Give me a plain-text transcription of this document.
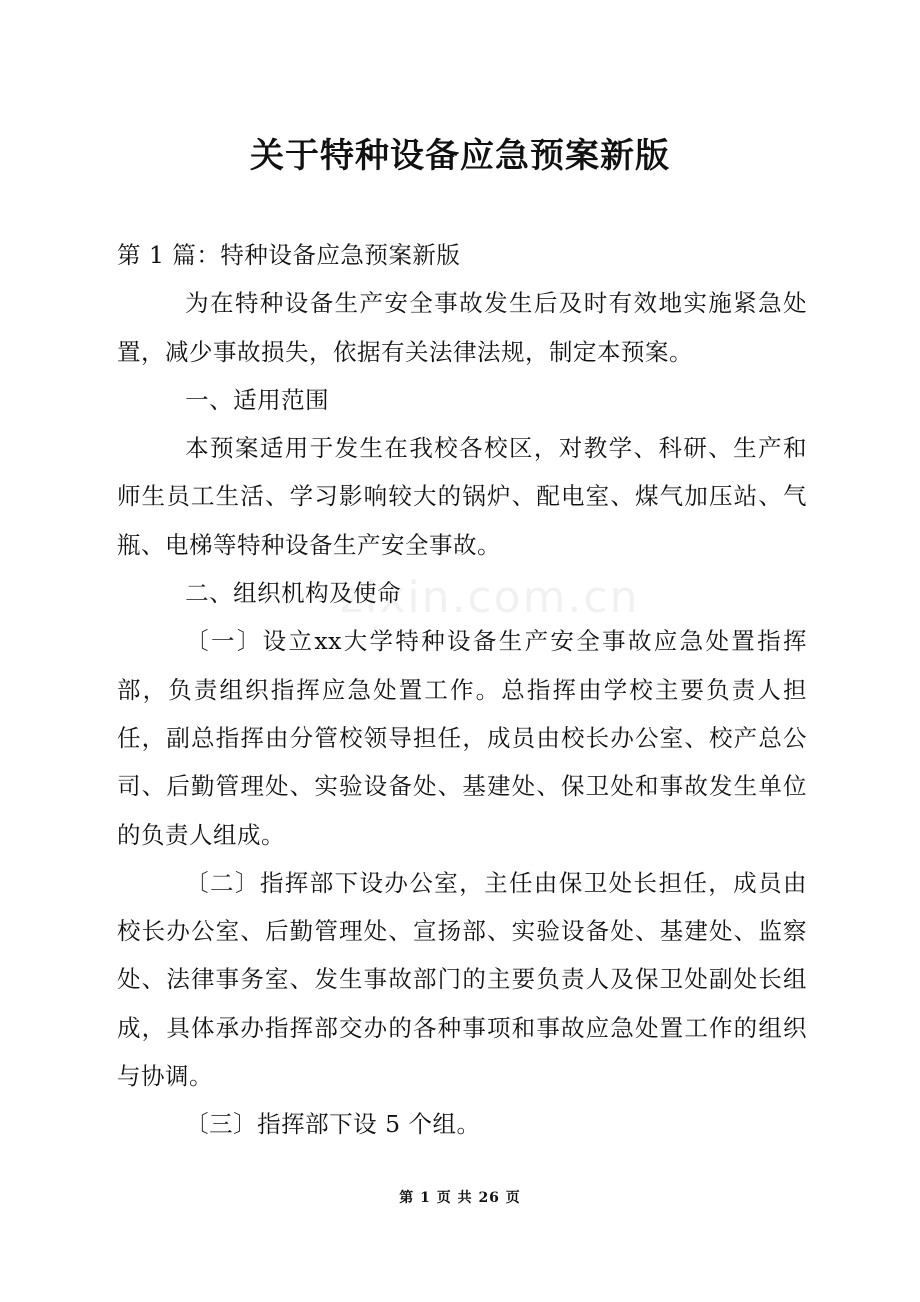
关于特种设备应急预案新版
zixin.com.cn

第 1 篇：特种设备应急预案新版

为在特种设备生产安全事故发生后及时有效地实施紧急处置，减少事故损失，依据有关法律法规，制定本预案。

一、适用范围

本预案适用于发生在我校各校区，对教学、科研、生产和师生员工生活、学习影响较大的锅炉、配电室、煤气加压站、气瓶、电梯等特种设备生产安全事故。

二、组织机构及使命

〔一〕设立xx大学特种设备生产安全事故应急处置指挥部，负责组织指挥应急处置工作。总指挥由学校主要负责人担任，副总指挥由分管校领导担任，成员由校长办公室、校产总公司、后勤管理处、实验设备处、基建处、保卫处和事故发生单位的负责人组成。

〔二〕指挥部下设办公室，主任由保卫处长担任，成员由校长办公室、后勤管理处、宣扬部、实验设备处、基建处、监察处、法律事务室、发生事故部门的主要负责人及保卫处副处长组成，具体承办指挥部交办的各种事项和事故应急处置工作的组织与协调。

〔三〕指挥部下设 5 个组。

第 1 页 共 26 页
